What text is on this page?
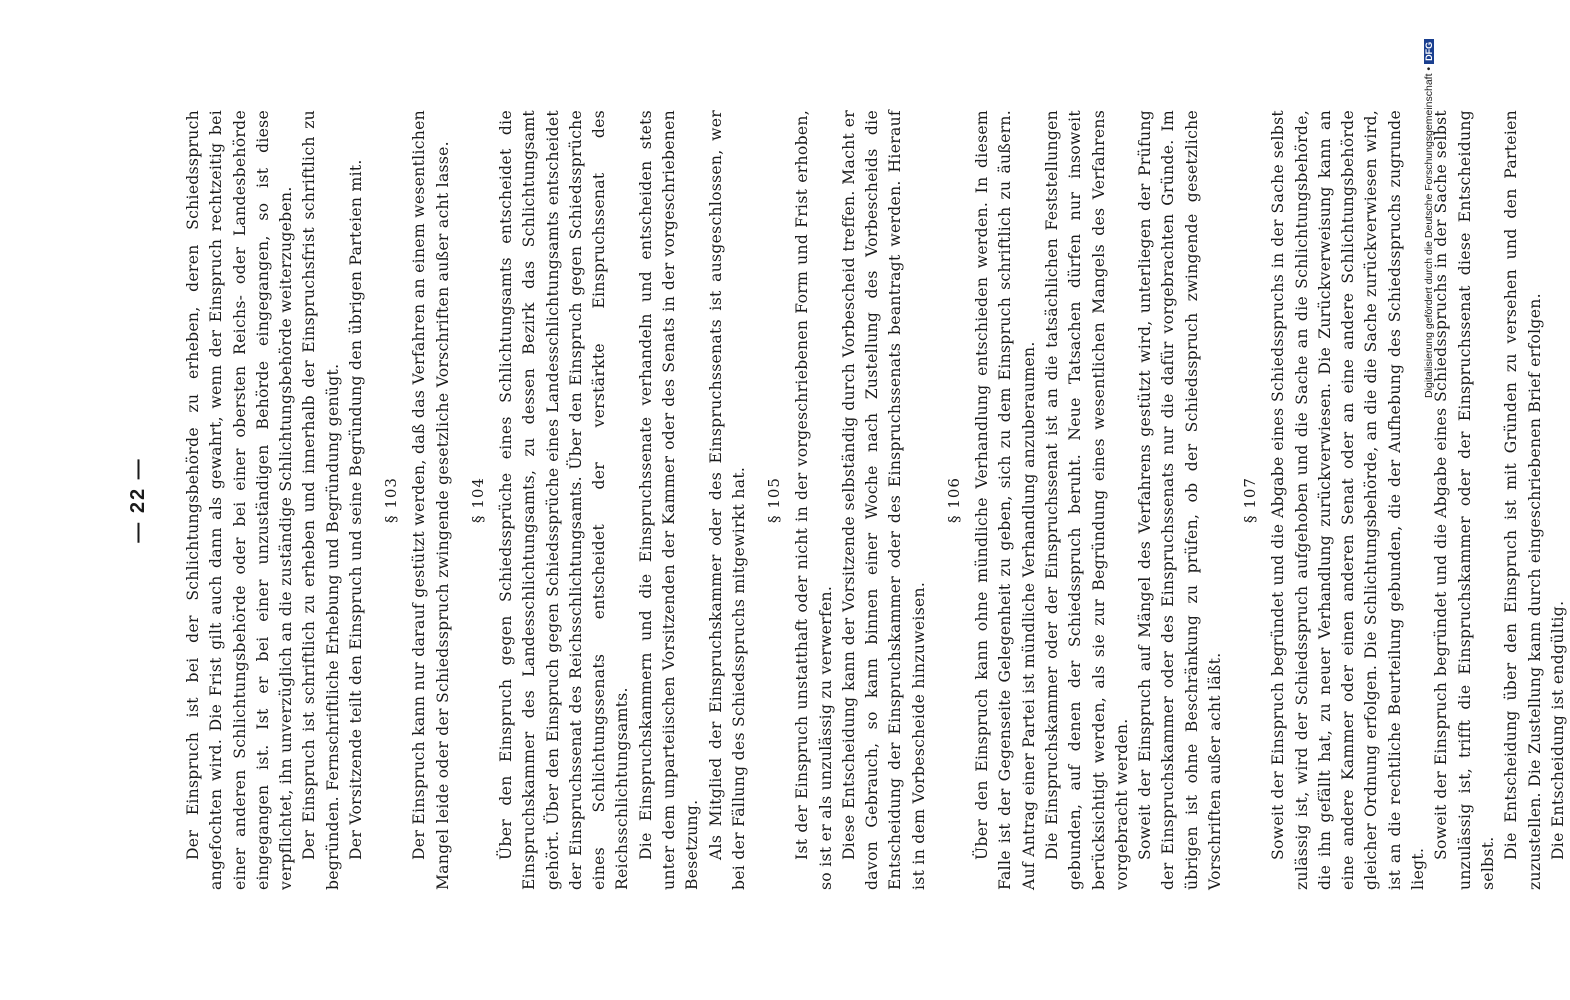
— 22 — Der Einspruch ist bei der Schlichtungsbehörde zu erheben, deren Schiedsspruch angefochten wird. Die Frist gilt auch dann als gewahrt, wenn der Einspruch rechtzeitig bei einer anderen Schlichtungsbehörde oder bei einer obersten Reichs- oder Landesbehörde eingegangen ist. Ist er bei einer unzuständigen Behörde eingegangen, so ist diese verpflichtet, ihn unverzüglich an die zuständige Schlichtungsbehörde weiterzugeben. Der Einspruch ist schriftlich zu erheben und innerhalb der Einspruchsfrist schriftlich zu begründen. Fernschriftliche Erhebung und Begründung genügt. Der Vorsitzende teilt den Einspruch und seine Begründung den übrigen Parteien mit. § 103 Der Einspruch kann nur darauf gestützt werden, daß das Verfahren an einem wesentlichen Mangel leide oder der Schiedsspruch zwingende gesetzliche Vorschriften außer acht lasse. § 104 Über den Einspruch gegen Schiedssprüche eines Schlichtungsamts entscheidet die Einspruchskammer des Landesschlichtungsamts, zu dessen Bezirk das Schlichtungsamt gehört. Über den Einspruch gegen Schiedssprüche eines Landesschlichtungsamts entscheidet der Einspruchssenat des Reichsschlichtungsamts. Über den Einspruch gegen Schiedssprüche eines Schlichtungssenats entscheidet der verstärkte Einspruchssenat des Reichsschlichtungsamts. Die Einspruchskammern und die Einspruchssenate verhandeln und entscheiden stets unter dem unparteiischen Vorsitzenden der Kammer oder des Senats in der vorgeschriebenen Besetzung. Als Mitglied der Einspruchskammer oder des Einspruchssenats ist ausgeschlossen, wer bei der Fällung des Schiedsspruchs mitgewirkt hat. § 105 Ist der Einspruch unstatthaft oder nicht in der vorgeschriebenen Form und Frist erhoben, so ist er als unzulässig zu verwerfen. Diese Entscheidung kann der Vorsitzende selbständig durch Vorbescheid treffen. Macht er davon Gebrauch, so kann binnen einer Woche nach Zustellung des Vorbescheids die Entscheidung der Einspruchskammer oder des Einspruchssenats beantragt werden. Hierauf ist in dem Vorbescheide hinzuweisen.

§ 106 Über den Einspruch kann ohne mündliche Verhandlung entschieden werden. In diesem Falle ist der Gegenseite Gelegenheit zu geben, sich zu dem Einspruch schriftlich zu äußern. Auf Antrag einer Partei ist mündliche Verhandlung anzuberaumen. Die Einspruchskammer oder der Einspruchssenat ist an die tatsächlichen Feststellungen gebunden, auf denen der Schiedsspruch beruht. Neue Tatsachen dürfen nur insoweit berücksichtigt werden, als sie zur Begründung eines wesentlichen Mangels des Verfahrens vorgebracht werden. Soweit der Einspruch auf Mängel des Verfahrens gestützt wird, unterliegen der Prüfung der Einspruchskammer oder des Einspruchssenats nur die dafür vorgebrachten Gründe. Im übrigen ist ohne Beschränkung zu prüfen, ob der Schiedsspruch zwingende gesetzliche Vorschriften außer acht läßt.

§ 107 Soweit der Einspruch begründet und die Abgabe eines Schiedsspruchs in der Sache selbst zulässig ist, wird der Schiedsspruch aufgehoben und die Sache an die Schlichtungsbehörde, die ihn gefällt hat, zu neuer Verhandlung zurückverwiesen. Die Zurückverweisung kann an eine andere Kammer oder einen anderen Senat oder an eine andere Schlichtungsbehörde gleicher Ordnung erfolgen. Die Schlichtungsbehörde, an die die Sache zurückverwiesen wird, ist an die rechtliche Beurteilung gebunden, die der Aufhebung des Schiedsspruchs zugrunde liegt.

Soweit der Einspruch begründet und die Abgabe eines Schiedsspruchs in der Sache selbst unzulässig ist, trifft die Einspruchskammer oder der Einspruchssenat diese Entscheidung selbst.

Die Entscheidung über den Einspruch ist mit Gründen zu versehen und den Parteien zuzustellen. Die Zustellung kann durch eingeschriebenen Brief erfolgen. Die Entscheidung ist endgültig.

Digitalisierung gefördert durch die Deutsche Forschungsgemeinschaft •
DFG
